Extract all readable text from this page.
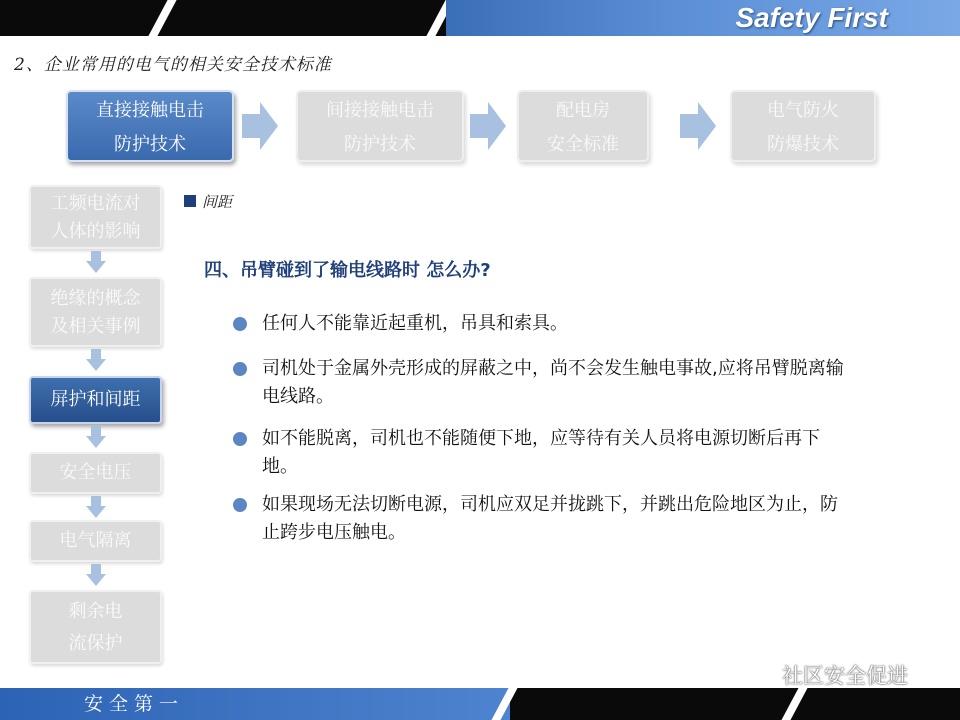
Safety First
2、企业常用的电气的相关安全技术标准
直接接触电击
防护技术
间接接触电击
防护技术
配电房
安全标准
电气防火
防爆技术
工频电流对
人体的影响
绝缘的概念
及相关事例
屏护和间距
安全电压
电气隔离
剩余电
流保护
间距
四、吊臂碰到了输电线路时 怎么办?
任何人不能靠近起重机，吊具和索具。
司机处于金属外壳形成的屏蔽之中，尚不会发生触电事故,应将吊臂脱离输电线路。
如不能脱离，司机也不能随便下地，应等待有关人员将电源切断后再下地。
如果现场无法切断电源，司机应双足并拢跳下，并跳出危险地区为止，防止跨步电压触电。
安全第一
社区安全促进
